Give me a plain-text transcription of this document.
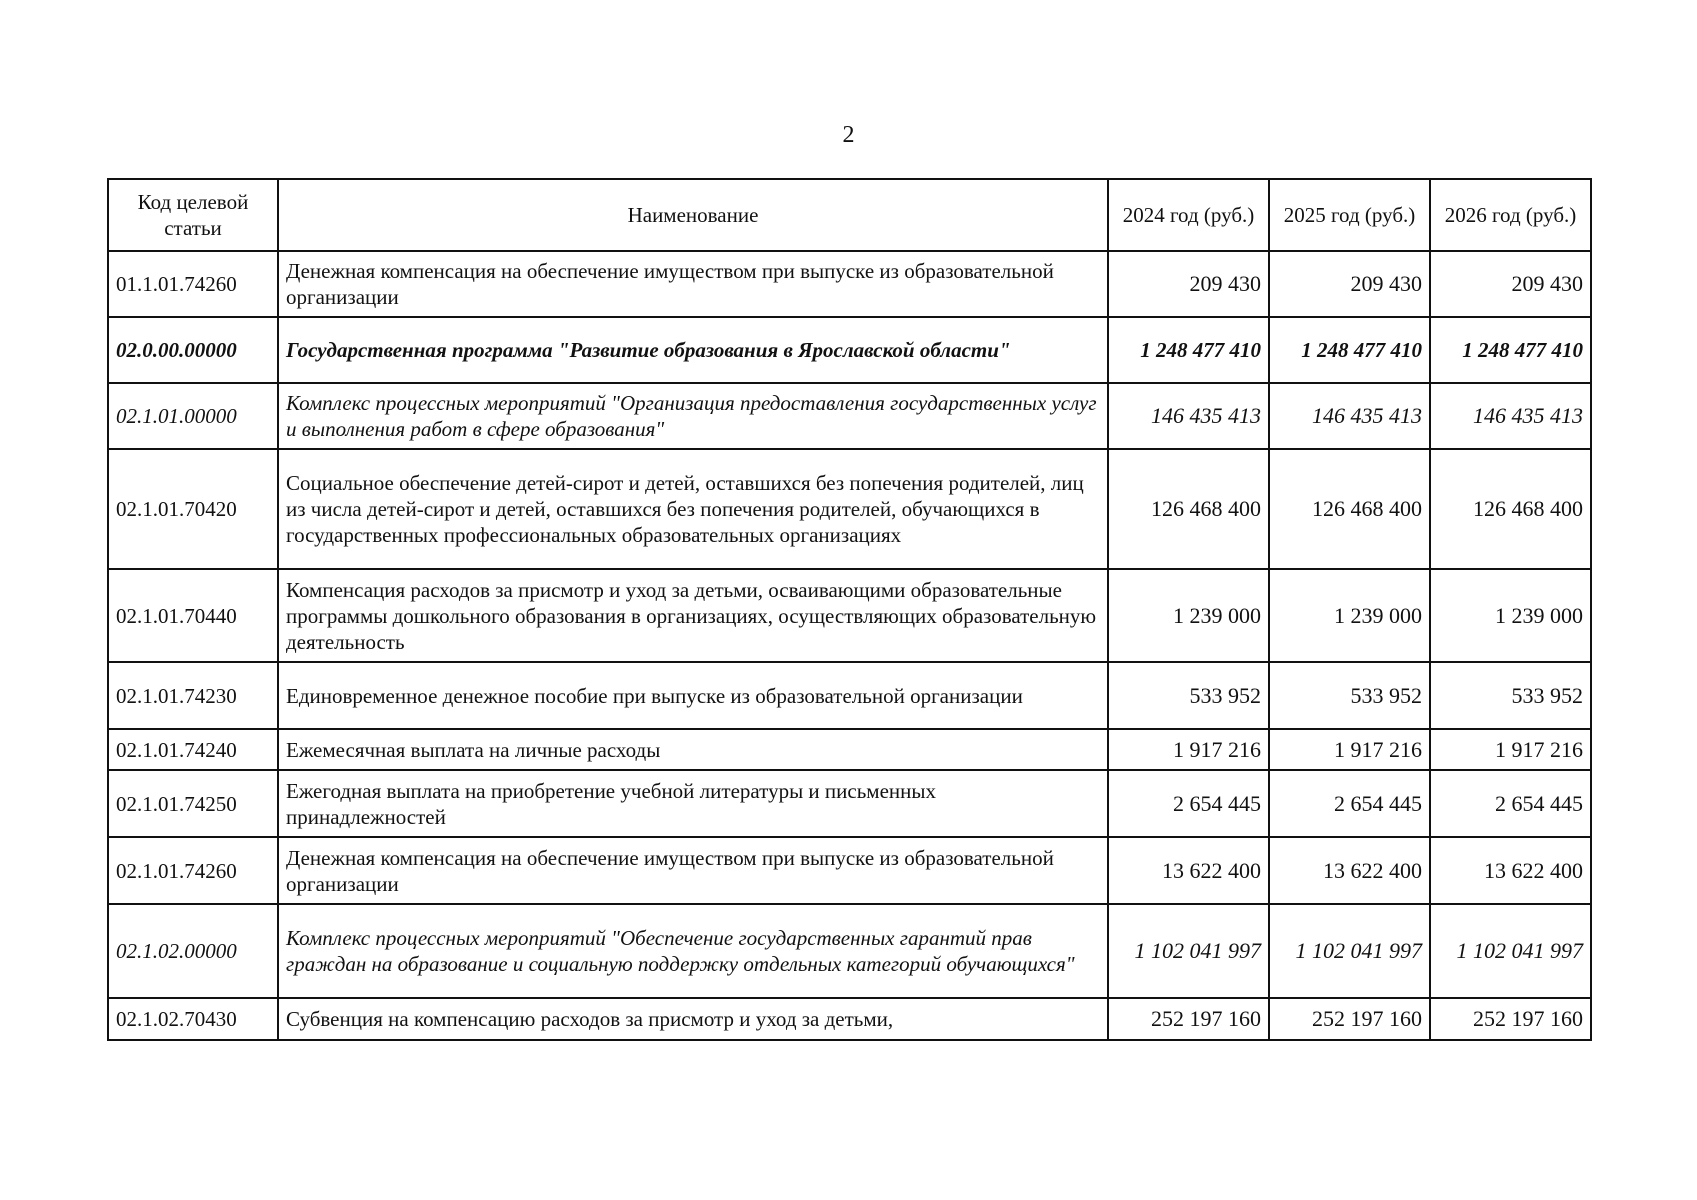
2
Код целевой статьи	Наименование	2024 год (руб.)	2025 год (руб.)	2026 год (руб.)
01.1.01.74260	Денежная компенсация на обеспечение имуществом при выпуске из образовательной организации	209 430	209 430	209 430
02.0.00.00000	Государственная программа "Развитие образования в Ярославской области"	1 248 477 410	1 248 477 410	1 248 477 410
02.1.01.00000	Комплекс процессных мероприятий "Организация предоставления государственных услуг и выполнения работ в сфере образования"	146 435 413	146 435 413	146 435 413
02.1.01.70420	Социальное обеспечение детей-сирот и детей, оставшихся без попечения родителей, лиц из числа детей-сирот и детей, оставшихся без попечения родителей, обучающихся в государственных профессиональных образовательных организациях	126 468 400	126 468 400	126 468 400
02.1.01.70440	Компенсация расходов за присмотр и уход за детьми, осваивающими образовательные программы дошкольного образования в организациях, осуществляющих образовательную деятельность	1 239 000	1 239 000	1 239 000
02.1.01.74230	Единовременное денежное пособие при выпуске из образовательной организации	533 952	533 952	533 952
02.1.01.74240	Ежемесячная выплата на личные расходы	1 917 216	1 917 216	1 917 216
02.1.01.74250	Ежегодная выплата на приобретение учебной литературы и письменных принадлежностей	2 654 445	2 654 445	2 654 445
02.1.01.74260	Денежная компенсация на обеспечение имуществом при выпуске из образовательной организации	13 622 400	13 622 400	13 622 400
02.1.02.00000	Комплекс процессных мероприятий "Обеспечение государственных гарантий прав граждан на образование и социальную поддержку отдельных категорий обучающихся"	1 102 041 997	1 102 041 997	1 102 041 997
02.1.02.70430	Субвенция на компенсацию расходов за присмотр и уход за детьми,	252 197 160	252 197 160	252 197 160
